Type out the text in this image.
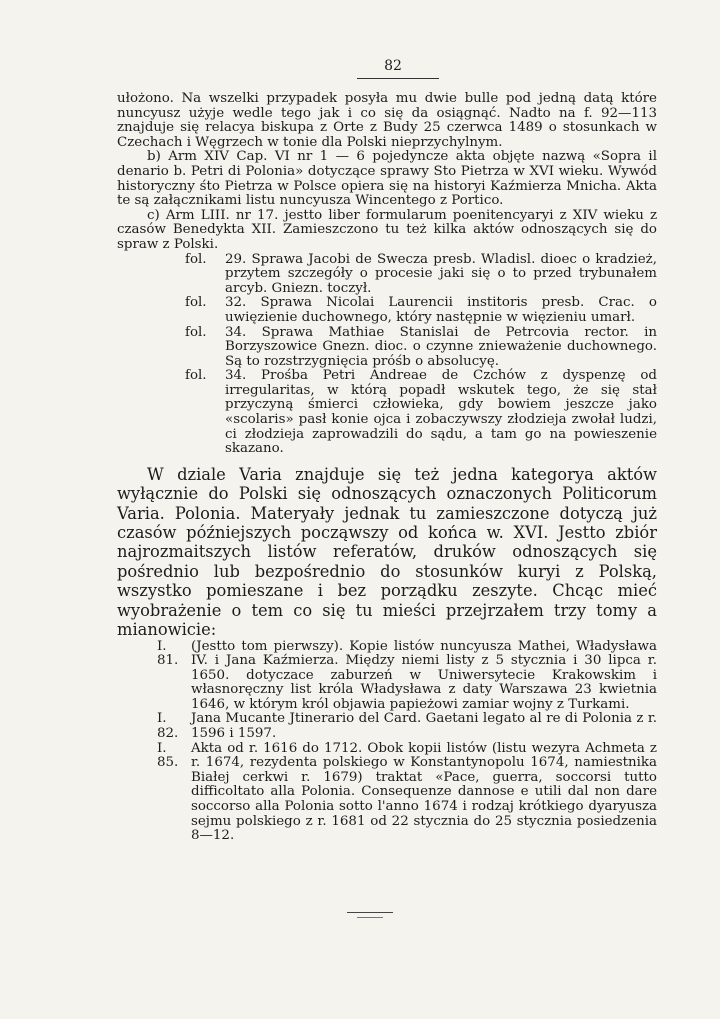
82

ułożono. Na wszelki przypadek posyła mu dwie bulle pod jedną datą które nuncyusz użyje wedle tego jak i co się da osiągnąć. Nadto na f. 92—113 znajduje się relacya biskupa z Orte z Budy 25 czerwca 1489 o stosunkach w Czechach i Węgrzech w tonie dla Polski nieprzychylnym.

b) Arm XIV Cap. VI nr 1 — 6 pojedyncze akta objęte nazwą «Sopra il denario b. Petri di Polonia» dotyczące sprawy Sto Pietrza w XVI wieku. Wywód historyczny śto Pietrza w Polsce opiera się na historyi Kaźmierza Mnicha. Akta te są załącznikami listu nuncyusza Wincentego z Portico.

c) Arm LIII. nr 17. jestto liber formularum poenitencyaryi z XIV wieku z czasów Benedykta XII. Zamieszczono tu też kilka aktów odnoszących się do spraw z Polski.

fol.	29. Sprawa Jacobi de Swecza presb. Wladisl. dioec o kradzież, przytem szczegóły o procesie jaki się o to przed trybunałem arcyb. Gniezn. toczył.
fol.	32. Sprawa Nicolai Laurencii institoris presb. Crac. o uwięzienie duchownego, który następnie w więzieniu umarł.
fol.	34. Sprawa Mathiae Stanislai de Petrcovia rector. in Borzyszowice Gnezn. dioc. o czynne znieważenie duchownego. Są to rozstrzygnięcia próśb o absolucyę.
fol.	34. Prośba Petri Andreae de Czchów z dyspenzę od irregularitas, w którą popadł wskutek tego, że się stał przyczyną śmierci człowieka, gdy bowiem jeszcze jako «scolaris» pasł konie ojca i zobaczywszy złodzieja zwołał ludzi, ci złodzieja zaprowadzili do sądu, a tam go na powieszenie skazano.

W dziale Varia znajduje się też jedna kategorya aktów wyłącznie do Polski się odnoszących oznaczonych Politicorum Varia. Polonia. Materyały jednak tu zamieszczone dotyczą już czasów późniejszych począwszy od końca w. XVI. Jestto zbiór najrozmaitszych listów referatów, druków odnoszących się pośrednio lub bezpośrednio do stosunków kuryi z Polską, wszystko pomieszane i bez porządku zeszyte. Chcąc mieć wyobrażenie o tem co się tu mieści przejrzałem trzy tomy a mianowicie:

I. 81.
(Jestto tom pierwszy). Kopie listów nuncyusza Mathei, Władysława IV. i Jana Kaźmierza. Między niemi listy z 5 stycznia i 30 lipca r. 1650. dotyczace zaburzeń w Uniwersytecie Krakowskim i własnoręczny list króla Władysława z daty Warszawa 23 kwietnia 1646, w którym król objawia papieżowi zamiar wojny z Turkami.
I. 82.
Jana Mucante Jtinerario del Card. Gaetani legato al re di Polonia z r. 1596 i 1597.
I. 85.
Akta od r. 1616 do 1712. Obok kopii listów (listu wezyra Achmeta z r. 1674, rezydenta polskiego w Konstantynopolu 1674, namiestnika Białej cerkwi r. 1679) traktat «Pace, guerra, soccorsi tutto difficoltato alla Polonia. Consequenze dannose e utili dal non dare soccorso alla Polonia sotto l'anno 1674 i rodzaj krótkiego dyaryusza sejmu polskiego z r. 1681 od 22 stycznia do 25 stycznia posiedzenia 8—12.
